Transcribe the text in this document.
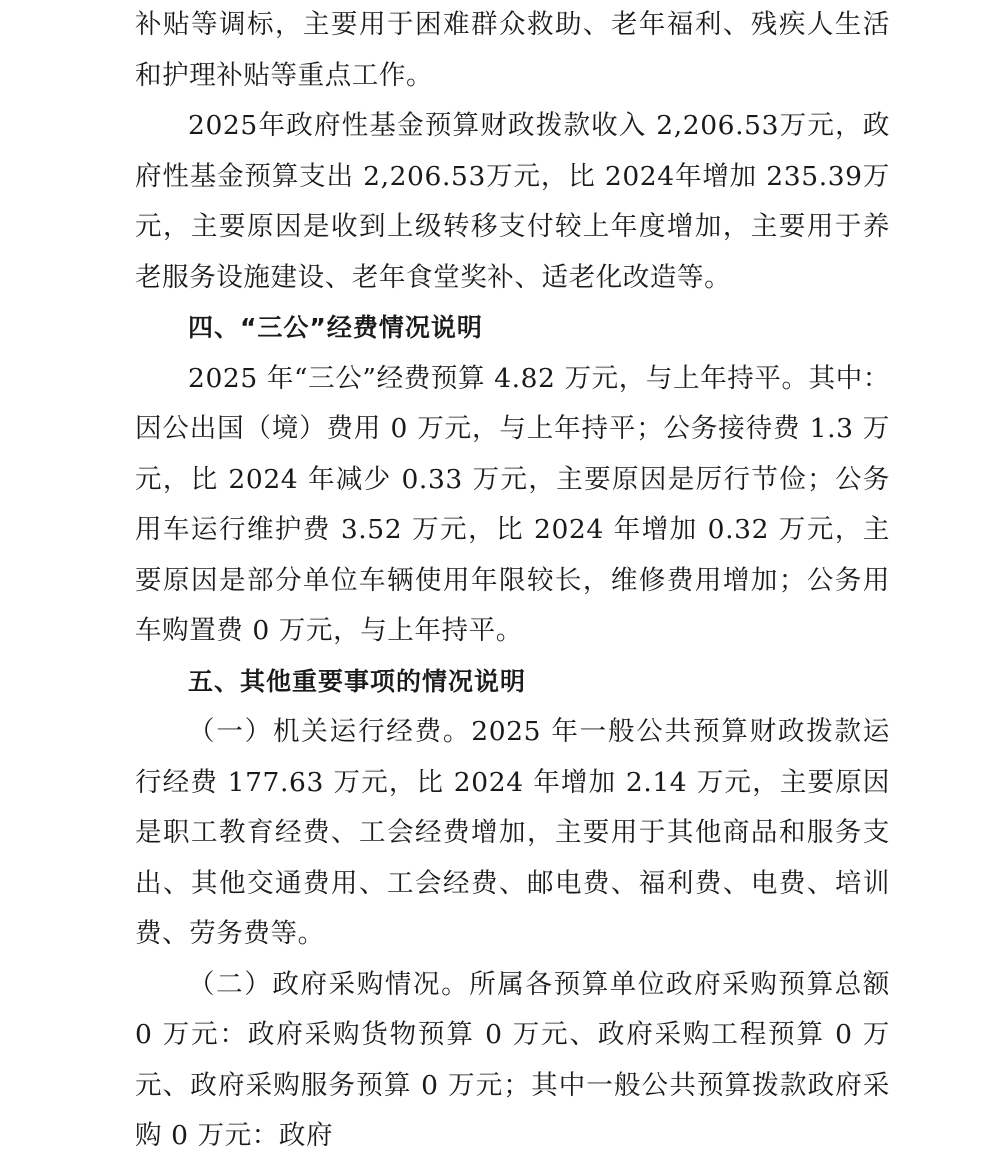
补贴等调标，主要用于困难群众救助、老年福利、残疾人生活和护理补贴等重点工作。

2025年政府性基金预算财政拨款收入 2,206.53万元，政府性基金预算支出 2,206.53万元，比 2024年增加 235.39万元，主要原因是收到上级转移支付较上年度增加，主要用于养老服务设施建设、老年食堂奖补、适老化改造等。

四、“三公”经费情况说明

2025 年“三公”经费预算 4.82 万元，与上年持平。其中：因公出国（境）费用 0 万元，与上年持平；公务接待费 1.3 万元，比 2024 年减少 0.33 万元，主要原因是厉行节俭；公务用车运行维护费 3.52 万元，比 2024 年增加 0.32 万元，主要原因是部分单位车辆使用年限较长，维修费用增加；公务用车购置费 0 万元，与上年持平。

五、其他重要事项的情况说明

（一）机关运行经费。2025 年一般公共预算财政拨款运行经费 177.63 万元，比 2024 年增加 2.14 万元，主要原因是职工教育经费、工会经费增加，主要用于其他商品和服务支出、其他交通费用、工会经费、邮电费、福利费、电费、培训费、劳务费等。

（二）政府采购情况。所属各预算单位政府采购预算总额 0 万元：政府采购货物预算 0 万元、政府采购工程预算 0 万元、政府采购服务预算 0 万元；其中一般公共预算拨款政府采购 0 万元：政府
